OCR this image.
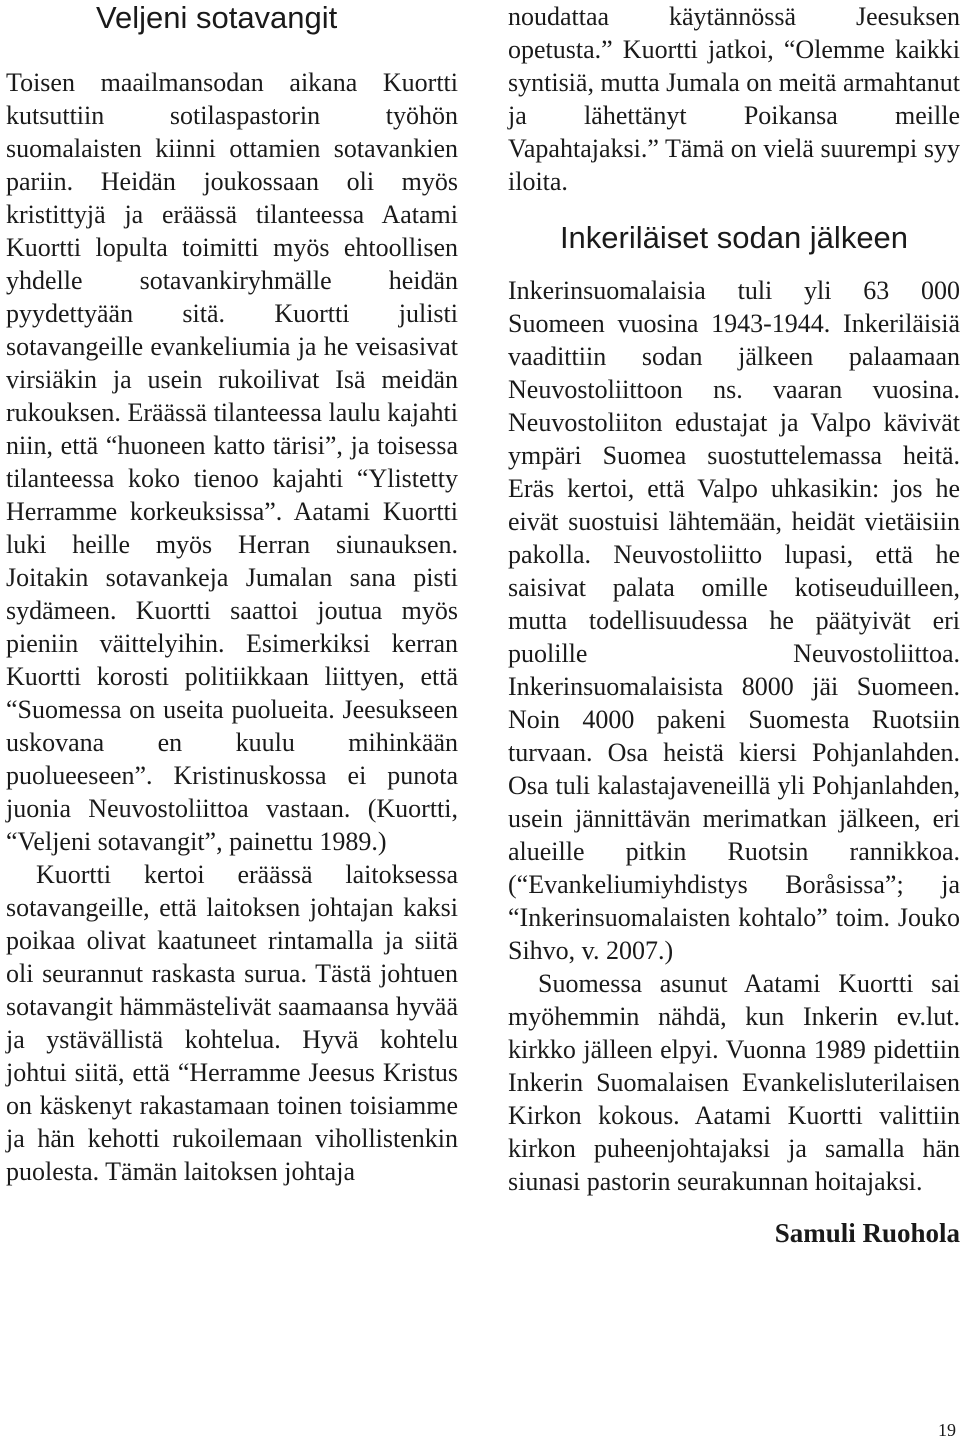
Veljeni sotavangit

Toisen maailmansodan aikana Kuortti kutsuttiin sotilaspastorin työhön suomalaisten kiinni ottamien sotavankien pariin. Heidän joukossaan oli myös kristittyjä ja eräässä tilanteessa Aatami Kuortti lopulta toimitti myös ehtoollisen yhdelle sotavankiryhmälle heidän pyydettyään sitä. Kuortti julisti sotavangeille evankeliumia ja he veisasivat virsiäkin ja usein rukoilivat Isä meidän rukouksen. Eräässä tilanteessa laulu kajahti niin, että “huoneen katto tärisi”, ja toisessa tilanteessa koko tienoo kajahti “Ylistetty Herramme korkeuksissa”. Aatami Kuortti luki heille myös Herran siunauksen. Joitakin sotavankeja Jumalan sana pisti sydämeen. Kuortti saattoi joutua myös pieniin väittelyihin. Esimerkiksi kerran Kuortti korosti politiikkaan liittyen, että “Suomessa on useita puolueita. Jeesukseen uskovana en kuulu mihinkään puolueeseen”. Kristinuskossa ei punota juonia Neuvostoliittoa vastaan. (Kuortti, “Veljeni sotavangit”, painettu 1989.)

Kuortti kertoi eräässä laitoksessa sotavangeille, että laitoksen johtajan kaksi poikaa olivat kaatuneet rintamalla ja siitä oli seurannut raskasta surua. Tästä johtuen sotavangit hämmästelivät saamaansa hyvää ja ystävällistä kohtelua. Hyvä kohtelu johtui siitä, että “Herramme Jeesus Kristus on käskenyt rakastamaan toinen toisiamme ja hän kehotti rukoilemaan vihollistenkin puolesta. Tämän laitoksen johtaja

noudattaa käytännössä Jeesuksen opetusta.” Kuortti jatkoi, “Olemme kaikki syntisiä, mutta Jumala on meitä armahtanut ja lähettänyt Poikansa meille Vapahtajaksi.” Tämä on vielä suurempi syy iloita.

Inkeriläiset sodan jälkeen

Inkerinsuomalaisia tuli yli 63 000 Suomeen vuosina 1943-1944. Inkeriläisiä vaadittiin sodan jälkeen palaamaan Neuvostoliittoon ns. vaaran vuosina. Neuvostoliiton edustajat ja Valpo kävivät ympäri Suomea suostuttelemassa heitä. Eräs kertoi, että Valpo uhkasikin: jos he eivät suostuisi lähtemään, heidät vietäisiin pakolla. Neuvostoliitto lupasi, että he saisivat palata omille kotiseuduilleen, mutta todellisuudessa he päätyivät eri puolille Neuvostoliittoa. Inkerinsuomalaisista 8000 jäi Suomeen. Noin 4000 pakeni Suomesta Ruotsiin turvaan. Osa heistä kiersi Pohjanlahden. Osa tuli kalastajaveneillä yli Pohjanlahden, usein jännittävän merimatkan jälkeen, eri alueille pitkin Ruotsin rannikkoa. (“Evankeliumiyhdistys Boråsissa”; ja “Inkerinsuomalaisten kohtalo” toim. Jouko Sihvo, v. 2007.)

Suomessa asunut Aatami Kuortti sai myöhemmin nähdä, kun Inkerin ev.lut. kirkko jälleen elpyi. Vuonna 1989 pidettiin Inkerin Suomalaisen Evankelisluterilaisen Kirkon kokous. Aatami Kuortti valittiin kirkon puheenjohtajaksi ja samalla hän siunasi pastorin seurakunnan hoitajaksi.

Samuli Ruohola
19
